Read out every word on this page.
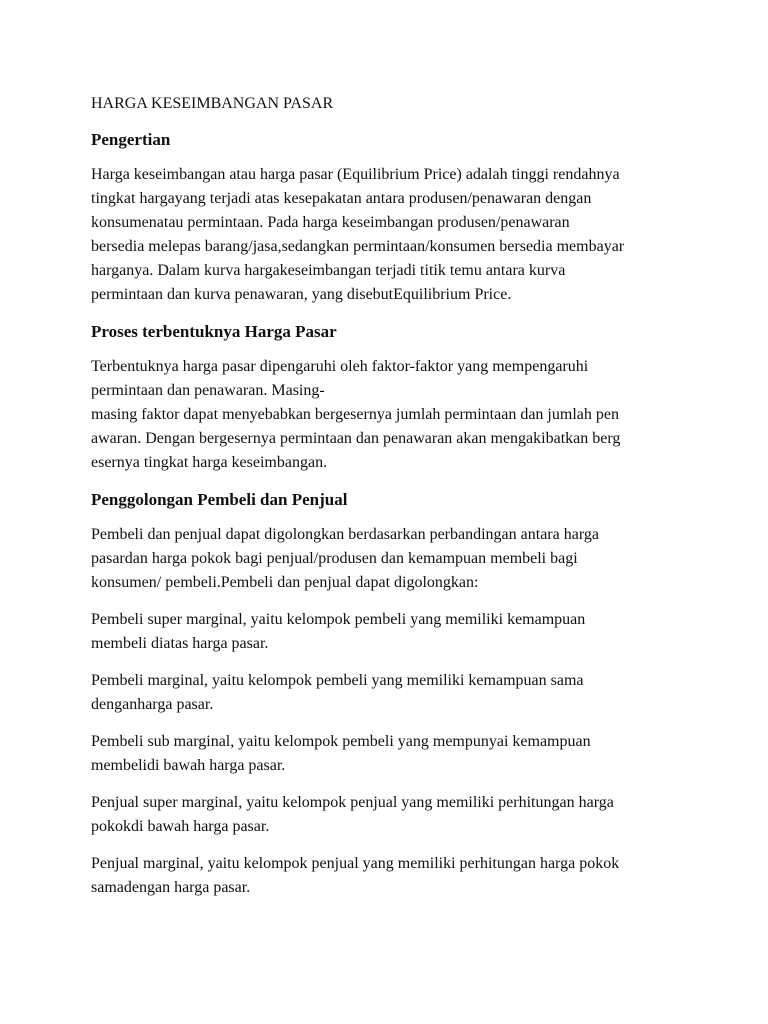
HARGA KESEIMBANGAN PASAR
Pengertian

Harga keseimbangan atau harga pasar (Equilibrium Price) adalah tinggi rendahnya
tingkat hargayang terjadi atas kesepakatan antara produsen/penawaran dengan
konsumenatau permintaan. Pada harga keseimbangan produsen/penawaran
bersedia melepas barang/jasa,sedangkan permintaan/konsumen bersedia membayar
harganya. Dalam kurva hargakeseimbangan terjadi titik temu antara kurva
permintaan dan kurva penawaran, yang disebutEquilibrium Price.

Proses terbentuknya Harga Pasar

Terbentuknya harga pasar dipengaruhi oleh faktor-faktor yang mempengaruhi
permintaan dan penawaran. Masing-
masing faktor dapat menyebabkan bergesernya jumlah permintaan dan jumlah pen
awaran. Dengan bergesernya permintaan dan penawaran akan mengakibatkan berg
esernya tingkat harga keseimbangan.

Penggolongan Pembeli dan Penjual

Pembeli dan penjual dapat digolongkan berdasarkan perbandingan antara harga
pasardan harga pokok bagi penjual/produsen dan kemampuan membeli bagi
konsumen/ pembeli.Pembeli dan penjual dapat digolongkan:

Pembeli super marginal, yaitu kelompok pembeli yang memiliki kemampuan
membeli diatas harga pasar.

Pembeli marginal, yaitu kelompok pembeli yang memiliki kemampuan sama
denganharga pasar.

Pembeli sub marginal, yaitu kelompok pembeli yang mempunyai kemampuan
membelidi bawah harga pasar.

Penjual super marginal, yaitu kelompok penjual yang memiliki perhitungan harga
pokokdi bawah harga pasar.

Penjual marginal, yaitu kelompok penjual yang memiliki perhitungan harga pokok
samadengan harga pasar.
